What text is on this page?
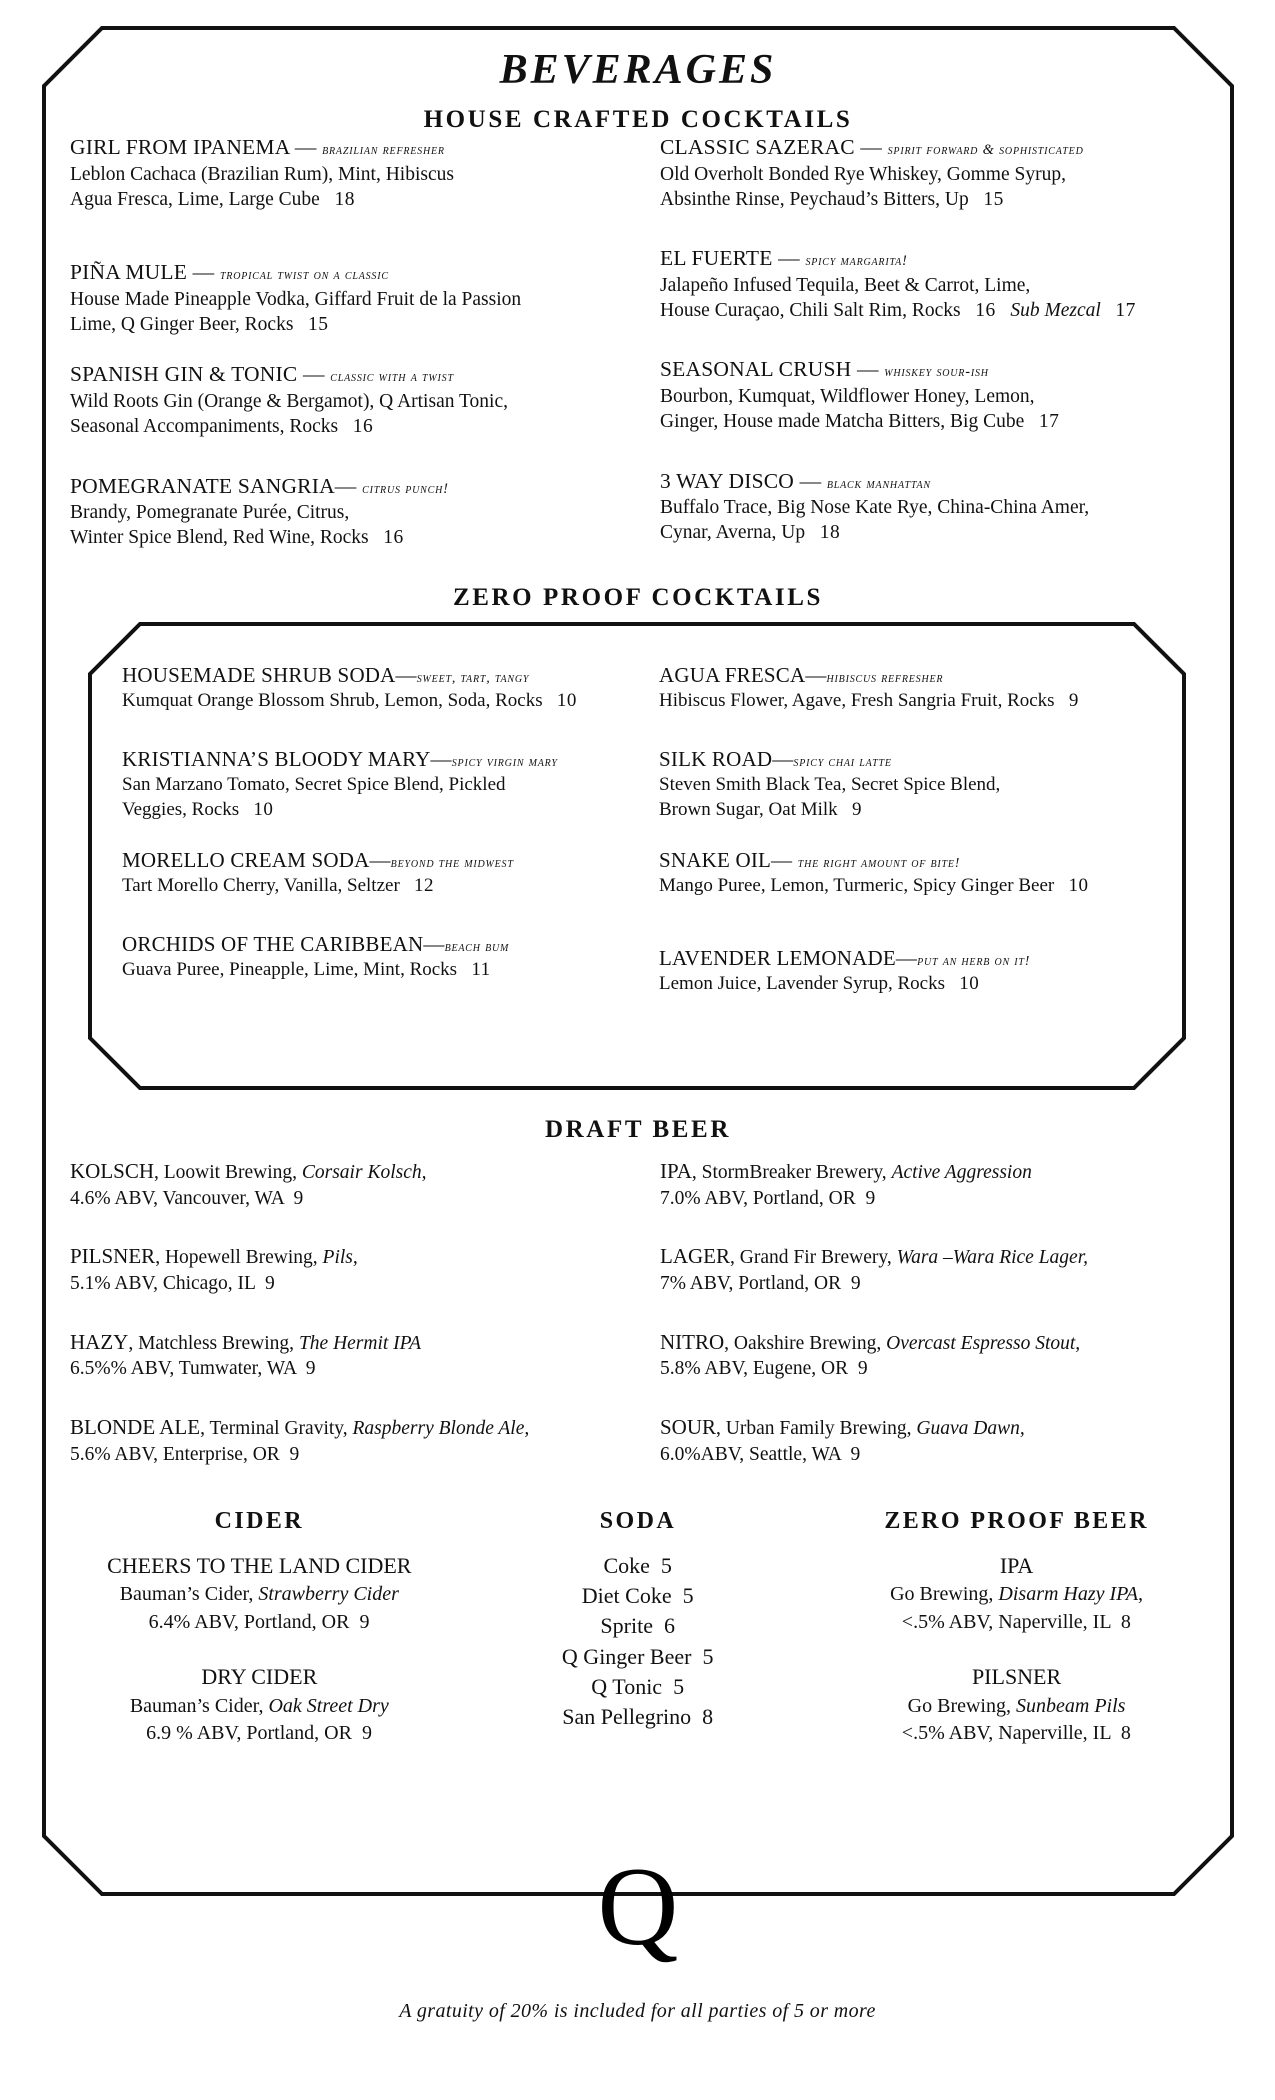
BEVERAGES
HOUSE CRAFTED COCKTAILS
GIRL FROM IPANEMA — brazilian refresher
Leblon Cachaca (Brazilian Rum), Mint, Hibiscus
Agua Fresca, Lime, Large Cube 18
PIÑA MULE — tropical twist on a classic
House Made Pineapple Vodka, Giffard Fruit de la Passion
Lime, Q Ginger Beer, Rocks 15
SPANISH GIN & TONIC — classic with a twist
Wild Roots Gin (Orange & Bergamot), Q Artisan Tonic,
Seasonal Accompaniments, Rocks 16
POMEGRANATE SANGRIA— citrus punch!
Brandy, Pomegranate Purée, Citrus,
Winter Spice Blend, Red Wine, Rocks 16
CLASSIC SAZERAC — spirit forward & sophisticated
Old Overholt Bonded Rye Whiskey, Gomme Syrup,
Absinthe Rinse, Peychaud’s Bitters, Up 15
EL FUERTE — spicy margarita!
Jalapeño Infused Tequila, Beet & Carrot, Lime,
House Curaçao, Chili Salt Rim, Rocks 16 Sub Mezcal 17
SEASONAL CRUSH — whiskey sour-ish
Bourbon, Kumquat, Wildflower Honey, Lemon,
Ginger, House made Matcha Bitters, Big Cube 17
3 WAY DISCO — black manhattan
Buffalo Trace, Big Nose Kate Rye, China-China Amer,
Cynar, Averna, Up 18
ZERO PROOF COCKTAILS
HOUSEMADE SHRUB SODA—sweet, tart, tangy
Kumquat Orange Blossom Shrub, Lemon, Soda, Rocks 10
KRISTIANNA’S BLOODY MARY—spicy virgin mary
San Marzano Tomato, Secret Spice Blend, Pickled
Veggies, Rocks 10
MORELLO CREAM SODA—beyond the midwest
Tart Morello Cherry, Vanilla, Seltzer 12
ORCHIDS OF THE CARIBBEAN—beach bum
Guava Puree, Pineapple, Lime, Mint, Rocks 11
AGUA FRESCA—hibiscus refresher
Hibiscus Flower, Agave, Fresh Sangria Fruit, Rocks 9
SILK ROAD—spicy chai latte
Steven Smith Black Tea, Secret Spice Blend,
Brown Sugar, Oat Milk 9
SNAKE OIL— the right amount of bite!
Mango Puree, Lemon, Turmeric, Spicy Ginger Beer 10
LAVENDER LEMONADE—put an herb on it!
Lemon Juice, Lavender Syrup, Rocks 10
DRAFT BEER
KOLSCH, Loowit Brewing, Corsair Kolsch,
4.6% ABV, Vancouver, WA 9
PILSNER, Hopewell Brewing, Pils,
5.1% ABV, Chicago, IL 9
HAZY, Matchless Brewing, The Hermit IPA
6.5%% ABV, Tumwater, WA 9
BLONDE ALE, Terminal Gravity, Raspberry Blonde Ale,
5.6% ABV, Enterprise, OR 9
IPA, StormBreaker Brewery, Active Aggression
7.0% ABV, Portland, OR 9
LAGER, Grand Fir Brewery, Wara –Wara Rice Lager,
7% ABV, Portland, OR 9
NITRO, Oakshire Brewing, Overcast Espresso Stout,
5.8% ABV, Eugene, OR 9
SOUR, Urban Family Brewing, Guava Dawn,
6.0%ABV, Seattle, WA 9
CIDER
CHEERS TO THE LAND CIDER
Bauman’s Cider, Strawberry Cider
6.4% ABV, Portland, OR 9
DRY CIDER
Bauman’s Cider, Oak Street Dry
6.9 % ABV, Portland, OR 9
SODA
Coke 5
Diet Coke 5
Sprite 6
Q Ginger Beer 5
Q Tonic 5
San Pellegrino 8
ZERO PROOF BEER
IPA
Go Brewing, Disarm Hazy IPA,
<.5% ABV, Naperville, IL 8
PILSNER
Go Brewing, Sunbeam Pils
<.5% ABV, Naperville, IL 8
Q
A gratuity of 20% is included for all parties of 5 or more
